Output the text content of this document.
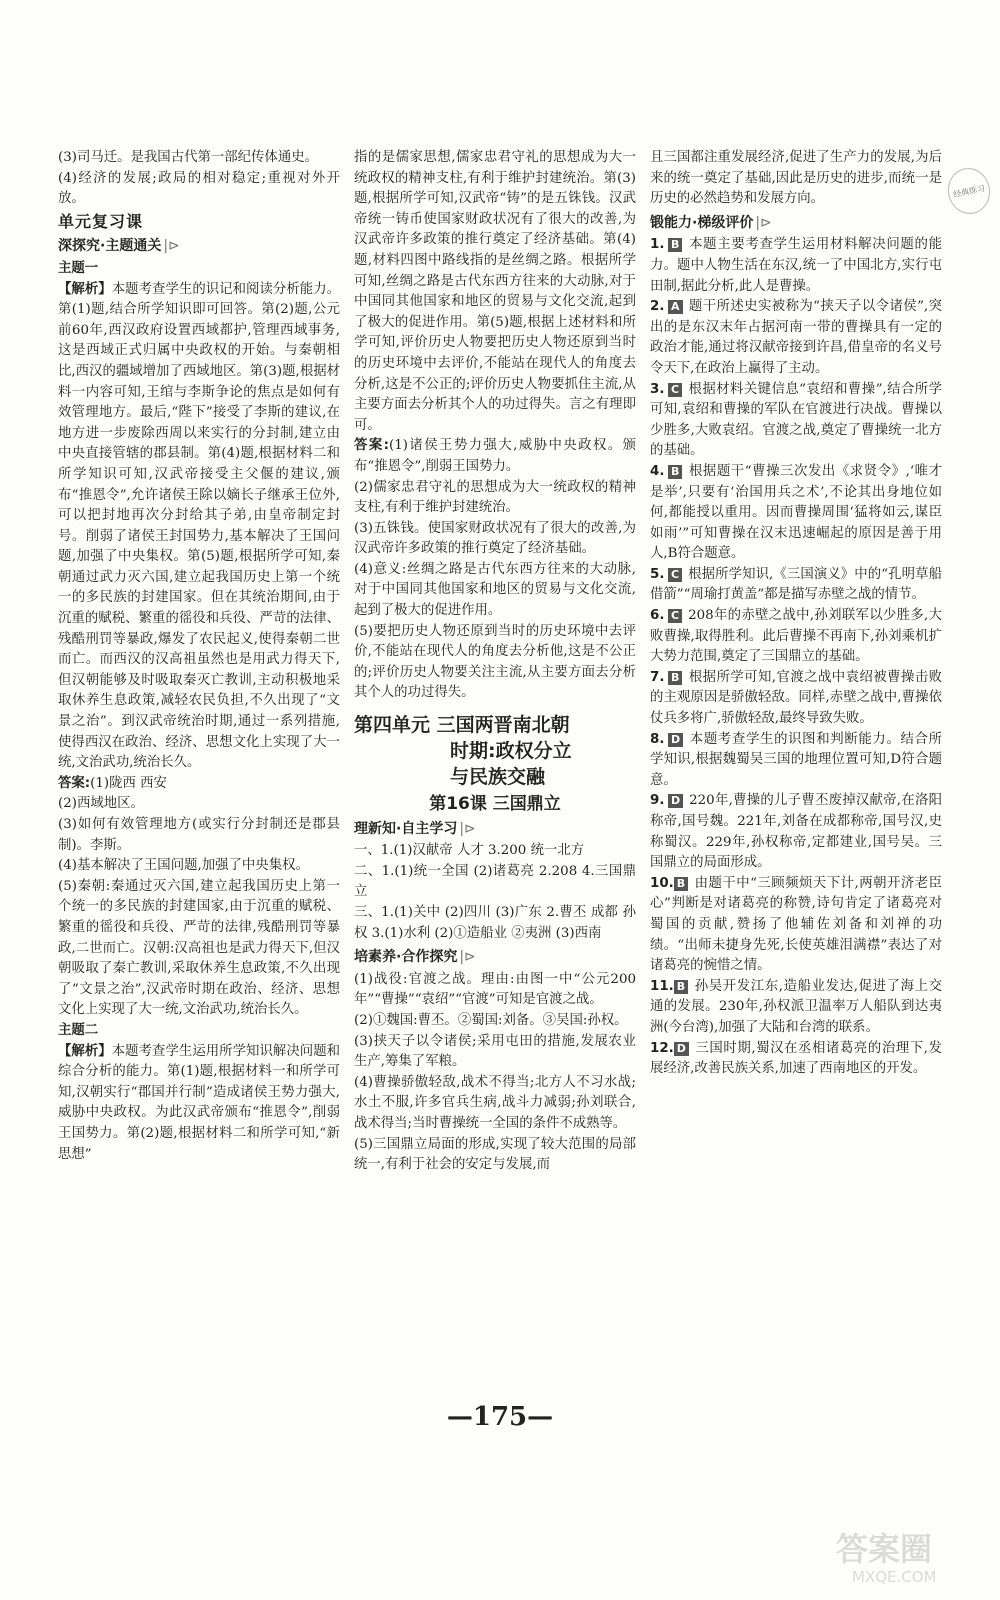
(3)司马迁。是我国古代第一部纪传体通史。

(4)经济的发展;政局的相对稳定;重视对外开放。

单元复习课
深探究·主题通关 |⊳
主题一

【解析】本题考查学生的识记和阅读分析能力。第(1)题,结合所学知识即可回答。第(2)题,公元前60年,西汉政府设置西域都护,管理西域事务,这是西域正式归属中央政权的开始。与秦朝相比,西汉的疆域增加了西域地区。第(3)题,根据材料一内容可知,王绾与李斯争论的焦点是如何有效管理地方。最后,“陛下”接受了李斯的建议,在地方进一步废除西周以来实行的分封制,建立由中央直接管辖的郡县制。第(4)题,根据材料二和所学知识可知,汉武帝接受主父偃的建议,颁布“推恩令”,允许诸侯王除以嫡长子继承王位外,可以把封地再次分封给其子弟,由皇帝制定封号。削弱了诸侯王封国势力,基本解决了王国问题,加强了中央集权。第(5)题,根据所学可知,秦朝通过武力灭六国,建立起我国历史上第一个统一的多民族的封建国家。但在其统治期间,由于沉重的赋税、繁重的徭役和兵役、严苛的法律、残酷刑罚等暴政,爆发了农民起义,使得秦朝二世而亡。而西汉的汉高祖虽然也是用武力得天下,但汉朝能够及时吸取秦灭亡教训,主动积极地采取休养生息政策,减轻农民负担,不久出现了“文景之治”。到汉武帝统治时期,通过一系列措施,使得西汉在政治、经济、思想文化上实现了大一统,文治武功,统治长久。

答案:(1)陇西 西安

(2)西域地区。

(3)如何有效管理地方(或实行分封制还是郡县制)。李斯。

(4)基本解决了王国问题,加强了中央集权。

(5)秦朝:秦通过灭六国,建立起我国历史上第一个统一的多民族的封建国家,由于沉重的赋税、繁重的徭役和兵役、严苛的法律,残酷刑罚等暴政,二世而亡。汉朝:汉高祖也是武力得天下,但汉朝吸取了秦亡教训,采取休养生息政策,不久出现了“文景之治”,汉武帝时期在政治、经济、思想文化上实现了大一统,文治武功,统治长久。

主题二

【解析】本题考查学生运用所学知识解决问题和综合分析的能力。第(1)题,根据材料一和所学可知,汉朝实行“郡国并行制”造成诸侯王势力强大,威胁中央政权。为此汉武帝颁布“推恩令”,削弱王国势力。第(2)题,根据材料二和所学可知,“新思想”

指的是儒家思想,儒家忠君守礼的思想成为大一统政权的精神支柱,有利于维护封建统治。第(3)题,根据所学可知,汉武帝“铸”的是五铢钱。汉武帝统一铸币使国家财政状况有了很大的改善,为汉武帝许多政策的推行奠定了经济基础。第(4)题,材料四图中路线指的是丝绸之路。根据所学可知,丝绸之路是古代东西方往来的大动脉,对于中国同其他国家和地区的贸易与文化交流,起到了极大的促进作用。第(5)题,根据上述材料和所学可知,评价历史人物要把历史人物还原到当时的历史环境中去评价,不能站在现代人的角度去分析,这是不公正的;评价历史人物要抓住主流,从主要方面去分析其个人的功过得失。言之有理即可。

答案:(1)诸侯王势力强大,威胁中央政权。颁布“推恩令”,削弱王国势力。

(2)儒家忠君守礼的思想成为大一统政权的精神支柱,有利于维护封建统治。

(3)五铢钱。使国家财政状况有了很大的改善,为汉武帝许多政策的推行奠定了经济基础。

(4)意义:丝绸之路是古代东西方往来的大动脉,对于中国同其他国家和地区的贸易与文化交流,起到了极大的促进作用。

(5)要把历史人物还原到当时的历史环境中去评价,不能站在现代人的角度去分析他,这是不公正的;评价历史人物要关注主流,从主要方面去分析其个人的功过得失。

第四单元 三国两晋南北朝
时期:政权分立
与民族交融
第16课 三国鼎立
理新知·自主学习 |⊳

一、1.(1)汉献帝 人才 3.200 统一北方

二、1.(1)统一全国 (2)诸葛亮 2.208 4.三国鼎立

三、1.(1)关中 (2)四川 (3)广东 2.曹丕 成都 孙权 3.(1)水利 (2)①造船业 ②夷洲 (3)西南

培素养·合作探究 |⊳

(1)战役:官渡之战。理由:由图一中“公元200年”“曹操”“袁绍”“官渡”可知是官渡之战。

(2)①魏国:曹丕。②蜀国:刘备。③吴国:孙权。

(3)挟天子以令诸侯;采用屯田的措施,发展农业生产,筹集了军粮。

(4)曹操骄傲轻敌,战术不得当;北方人不习水战;水土不服,许多官兵生病,战斗力减弱;孙刘联合,战术得当;当时曹操统一全国的条件不成熟等。

(5)三国鼎立局面的形成,实现了较大范围的局部统一,有利于社会的安定与发展,而

且三国都注重发展经济,促进了生产力的发展,为后来的统一奠定了基础,因此是历史的进步,而统一是历史的必然趋势和发展方向。

锻能力·梯级评价 |⊳

1. B 本题主要考查学生运用材料解决问题的能力。题中人物生活在东汉,统一了中国北方,实行屯田制,据此分析,此人是曹操。

2. A 题干所述史实被称为“挟天子以令诸侯”,突出的是东汉末年占据河南一带的曹操具有一定的政治才能,通过将汉献帝接到许昌,借皇帝的名义号令天下,在政治上赢得了主动。

3. C 根据材料关键信息“袁绍和曹操”,结合所学可知,袁绍和曹操的军队在官渡进行决战。曹操以少胜多,大败袁绍。官渡之战,奠定了曹操统一北方的基础。

4. B 根据题干“曹操三次发出《求贤令》,‘唯才是举’,只要有‘治国用兵之术’,不论其出身地位如何,都能授以重用。因而曹操周围‘猛将如云,谋臣如雨’”可知曹操在汉末迅速崛起的原因是善于用人,B符合题意。

5. C 根据所学知识,《三国演义》中的“孔明草船借箭”“周瑜打黄盖”都是描写赤壁之战的情节。

6. C 208年的赤壁之战中,孙刘联军以少胜多,大败曹操,取得胜利。此后曹操不再南下,孙刘乘机扩大势力范围,奠定了三国鼎立的基础。

7. B 根据所学可知,官渡之战中袁绍被曹操击败的主观原因是骄傲轻敌。同样,赤壁之战中,曹操依仗兵多将广,骄傲轻敌,最终导致失败。

8. D 本题考查学生的识图和判断能力。结合所学知识,根据魏蜀吴三国的地理位置可知,D符合题意。

9. D 220年,曹操的儿子曹丕废掉汉献帝,在洛阳称帝,国号魏。221年,刘备在成都称帝,国号汉,史称蜀汉。229年,孙权称帝,定都建业,国号吴。三国鼎立的局面形成。

10. B 由题干中“三顾频烦天下计,两朝开济老臣心”判断是对诸葛亮的称赞,诗句肯定了诸葛亮对蜀国的贡献,赞扬了他辅佐刘备和刘禅的功绩。“出师未捷身先死,长使英雄泪满襟”表达了对诸葛亮的惋惜之情。

11. B 孙吴开发江东,造船业发达,促进了海上交通的发展。230年,孙权派卫温率万人船队到达夷洲(今台湾),加强了大陆和台湾的联系。

12. D 三国时期,蜀汉在丞相诸葛亮的治理下,发展经济,改善民族关系,加速了西南地区的开发。

—175—
经典练习
答案圈
MXQE.COM
